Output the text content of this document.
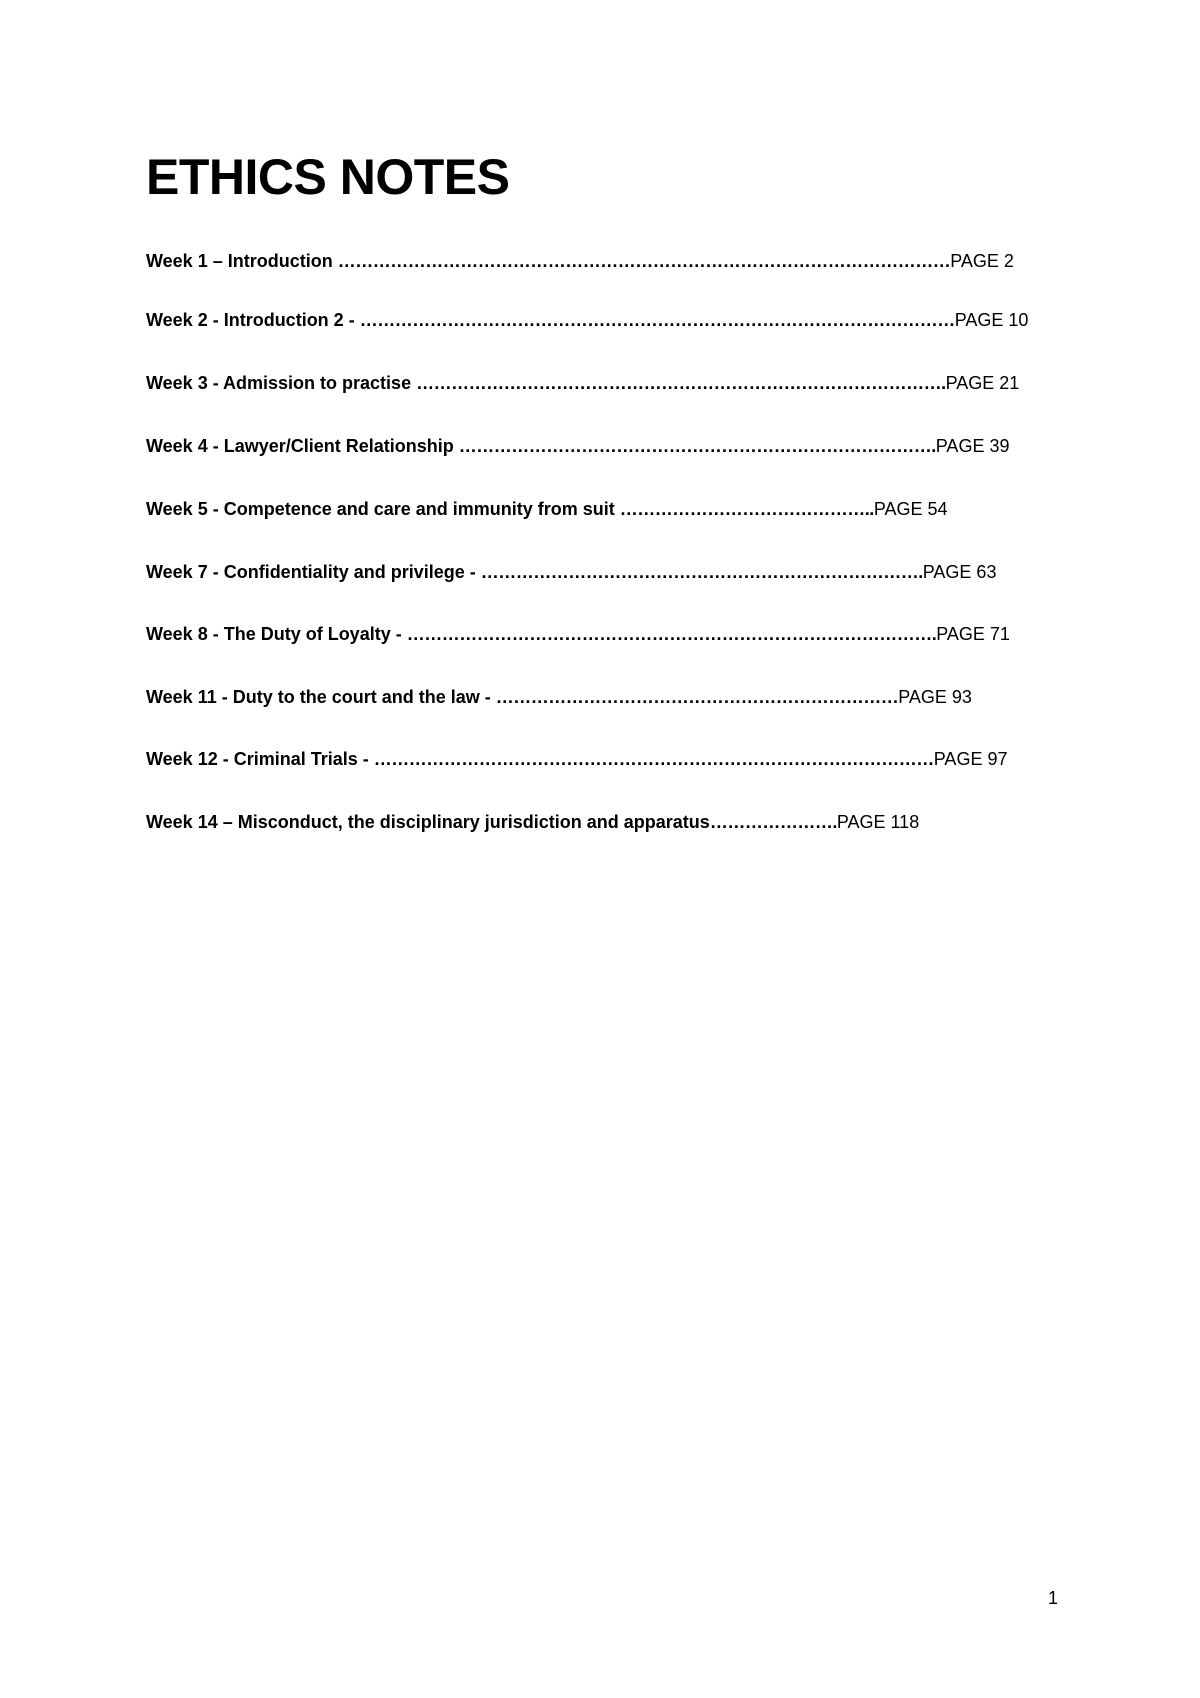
ETHICS NOTES
Week 1 – Introduction ……………………………………………………………………………………………PAGE 2
Week 2 - Introduction 2 - …………………………………………………………………………………………PAGE 10
Week 3 - Admission to practise ……………………………………………………………………………….PAGE 21
Week 4 - Lawyer/Client Relationship ……………………………………………………………………….PAGE 39
Week 5 - Competence and care and immunity from suit ……………………………………..PAGE 54
Week 7 - Confidentiality and privilege - ………………………………………………………………….PAGE 63
Week 8 - The Duty of Loyalty - ……………………………………………………………………………….PAGE 71
Week 11 - Duty to the court and the law - ……………………………………………………………PAGE 93
Week 12 - Criminal Trials - ……………………………………………………………………………………PAGE 97
Week 14 – Misconduct, the disciplinary jurisdiction and apparatus………………….PAGE 118
1
